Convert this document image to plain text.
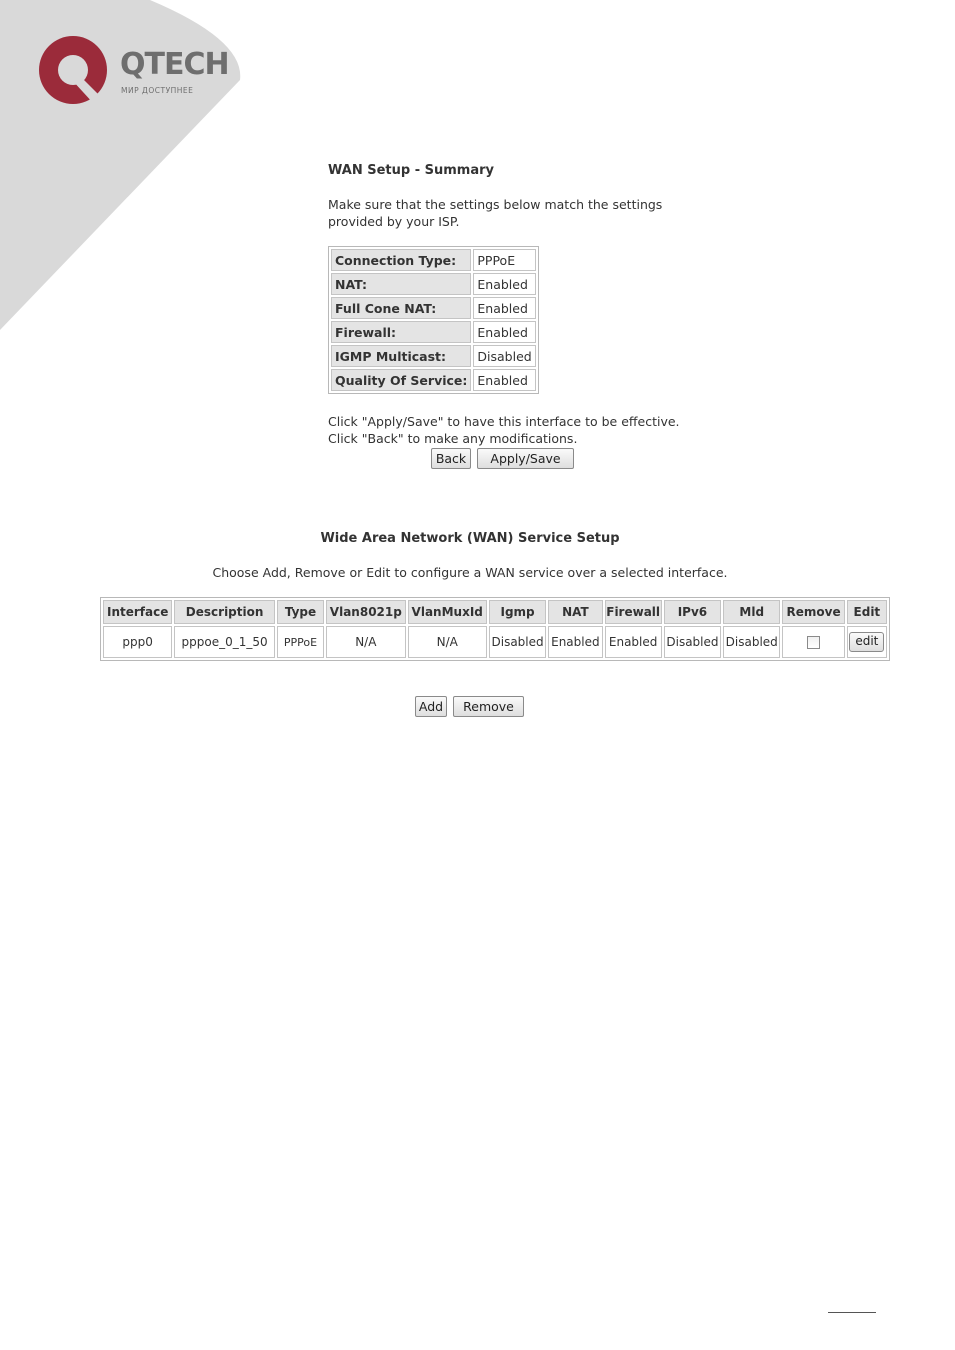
QTECH
МИР ДОСТУПНЕЕ
WAN Setup - Summary
Make sure that the settings below match the settings provided by your ISP.
Connection Type:	PPPoE
NAT:	Enabled
Full Cone NAT:	Enabled
Firewall:	Enabled
IGMP Multicast:	Disabled
Quality Of Service:	Enabled
Click "Apply/Save" to have this interface to be effective.
Click "Back" to make any modifications.
Back	Apply/Save
Wide Area Network (WAN) Service Setup
Choose Add, Remove or Edit to configure a WAN service over a selected interface.
Interface	Description	Type	Vlan8021p	VlanMuxId	Igmp	NAT	Firewall	IPv6	Mld	Remove	Edit
ppp0	pppoe_0_1_50	PPPoE	N/A	N/A	Disabled	Enabled	Enabled	Disabled	Disabled		edit
Add	Remove
